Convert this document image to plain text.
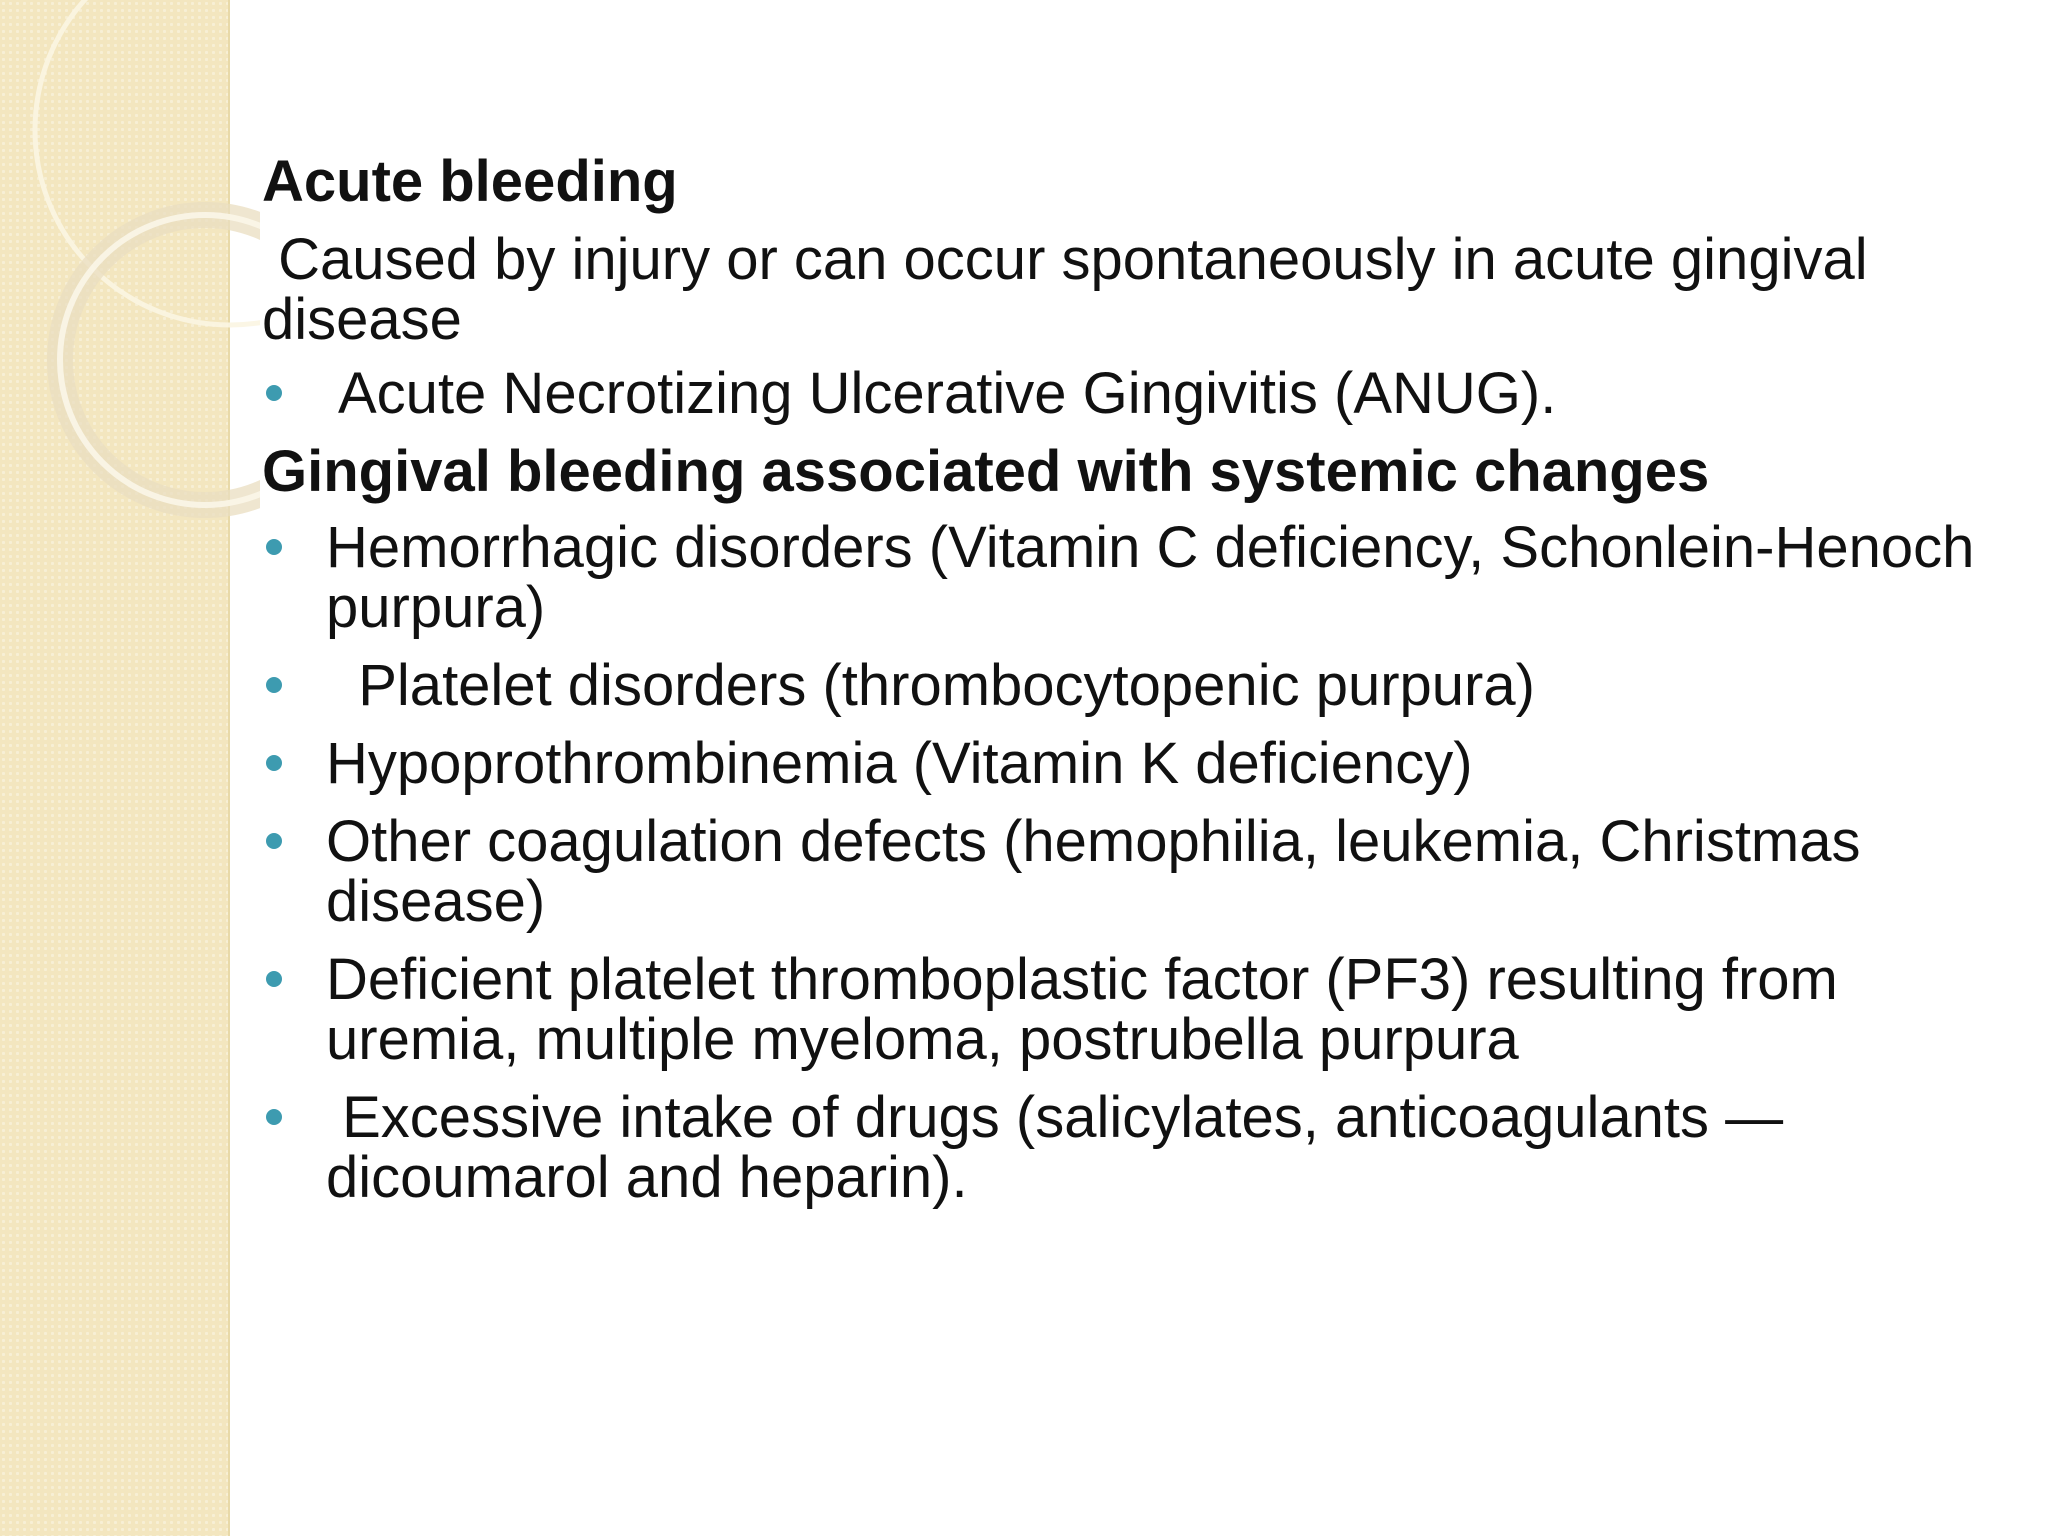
Acute bleeding

Caused by injury or can occur spontaneously in acute gingival disease

Acute Necrotizing Ulcerative Gingivitis (ANUG).

Gingival bleeding associated with systemic changes

Hemorrhagic disorders (Vitamin C deficiency, Schonlein-Henoch purpura)
Platelet disorders (thrombocytopenic purpura)
Hypoprothrombinemia (Vitamin K deficiency)
Other coagulation defects (hemophilia, leukemia, Christmas disease)
Deficient platelet thromboplastic factor (PF3) resulting from uremia, multiple myeloma, postrubella purpura
Excessive intake of drugs (salicylates, anticoagulants — dicoumarol and heparin).
